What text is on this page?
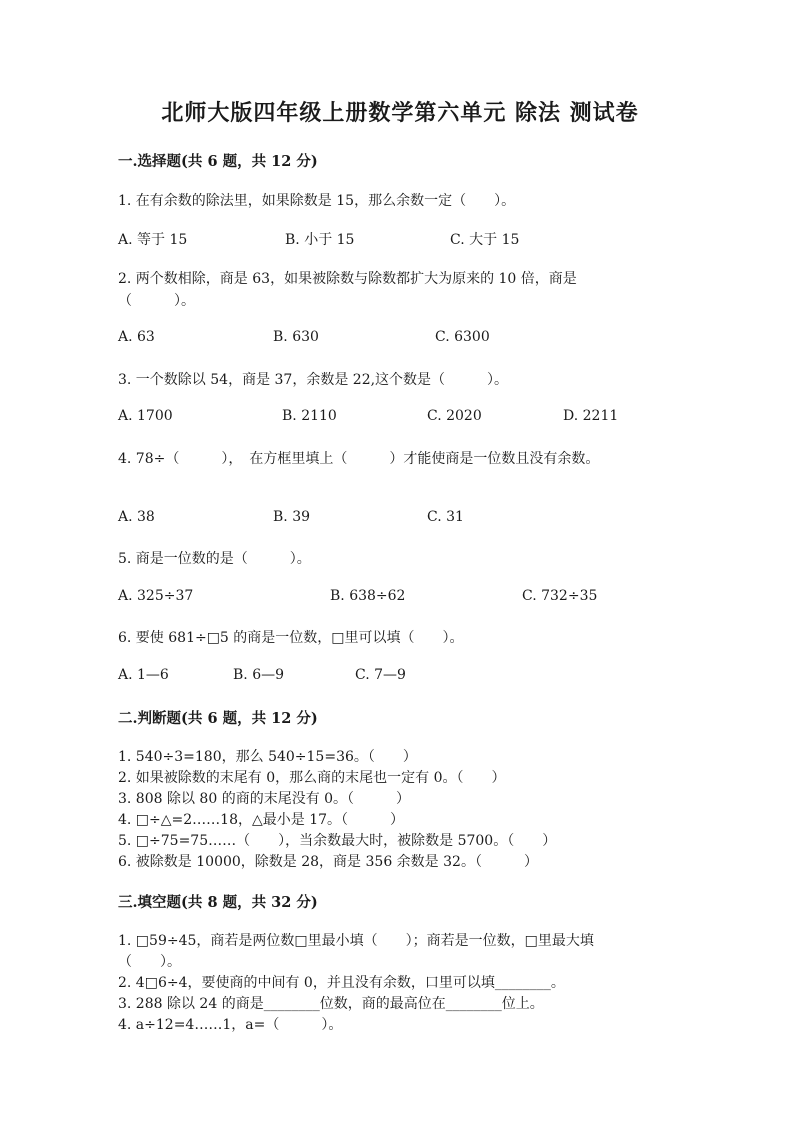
北师大版四年级上册数学第六单元 除法 测试卷
一.选择题(共 6 题，共 12 分)
1. 在有余数的除法里，如果除数是 15，那么余数一定（　　）。
A. 等于 15	B. 小于 15	C. 大于 15
2. 两个数相除，商是 63，如果被除数与除数都扩大为原来的 10 倍，商是
（　　　）。
A. 63	B. 630	C. 6300
3. 一个数除以 54，商是 37，余数是 22,这个数是（　　　）。
A. 1700	B. 2110	C. 2020	D. 2211
4. 78÷（　　　），　在方框里填上（　　　）才能使商是一位数且没有余数。
A. 38	B. 39	C. 31
5. 商是一位数的是（　　　）。
A. 325÷37	B. 638÷62	C. 732÷35
6. 要使 681÷□5 的商是一位数，□里可以填（　　）。
A. 1—6	B. 6—9	C. 7—9
二.判断题(共 6 题，共 12 分)
1. 540÷3=180，那么 540÷15=36。（　　）
2. 如果被除数的末尾有 0，那么商的末尾也一定有 0。（　　）
3. 808 除以 80 的商的末尾没有 0。（　　　）
4. □÷△=2……18，△最小是 17。（　　　）
5. □÷75=75……（　　），当余数最大时，被除数是 5700。（　　）
6. 被除数是 10000，除数是 28，商是 356 余数是 32。（　　　）
三.填空题(共 8 题，共 32 分)
1. □59÷45，商若是两位数□里最小填（　　）；商若是一位数，□里最大填
（　　）。
2. 4□6÷4，要使商的中间有 0，并且没有余数，口里可以填________。
3. 288 除以 24 的商是________位数，商的最高位在________位上。
4. a÷12=4……1，a=（　　　）。
